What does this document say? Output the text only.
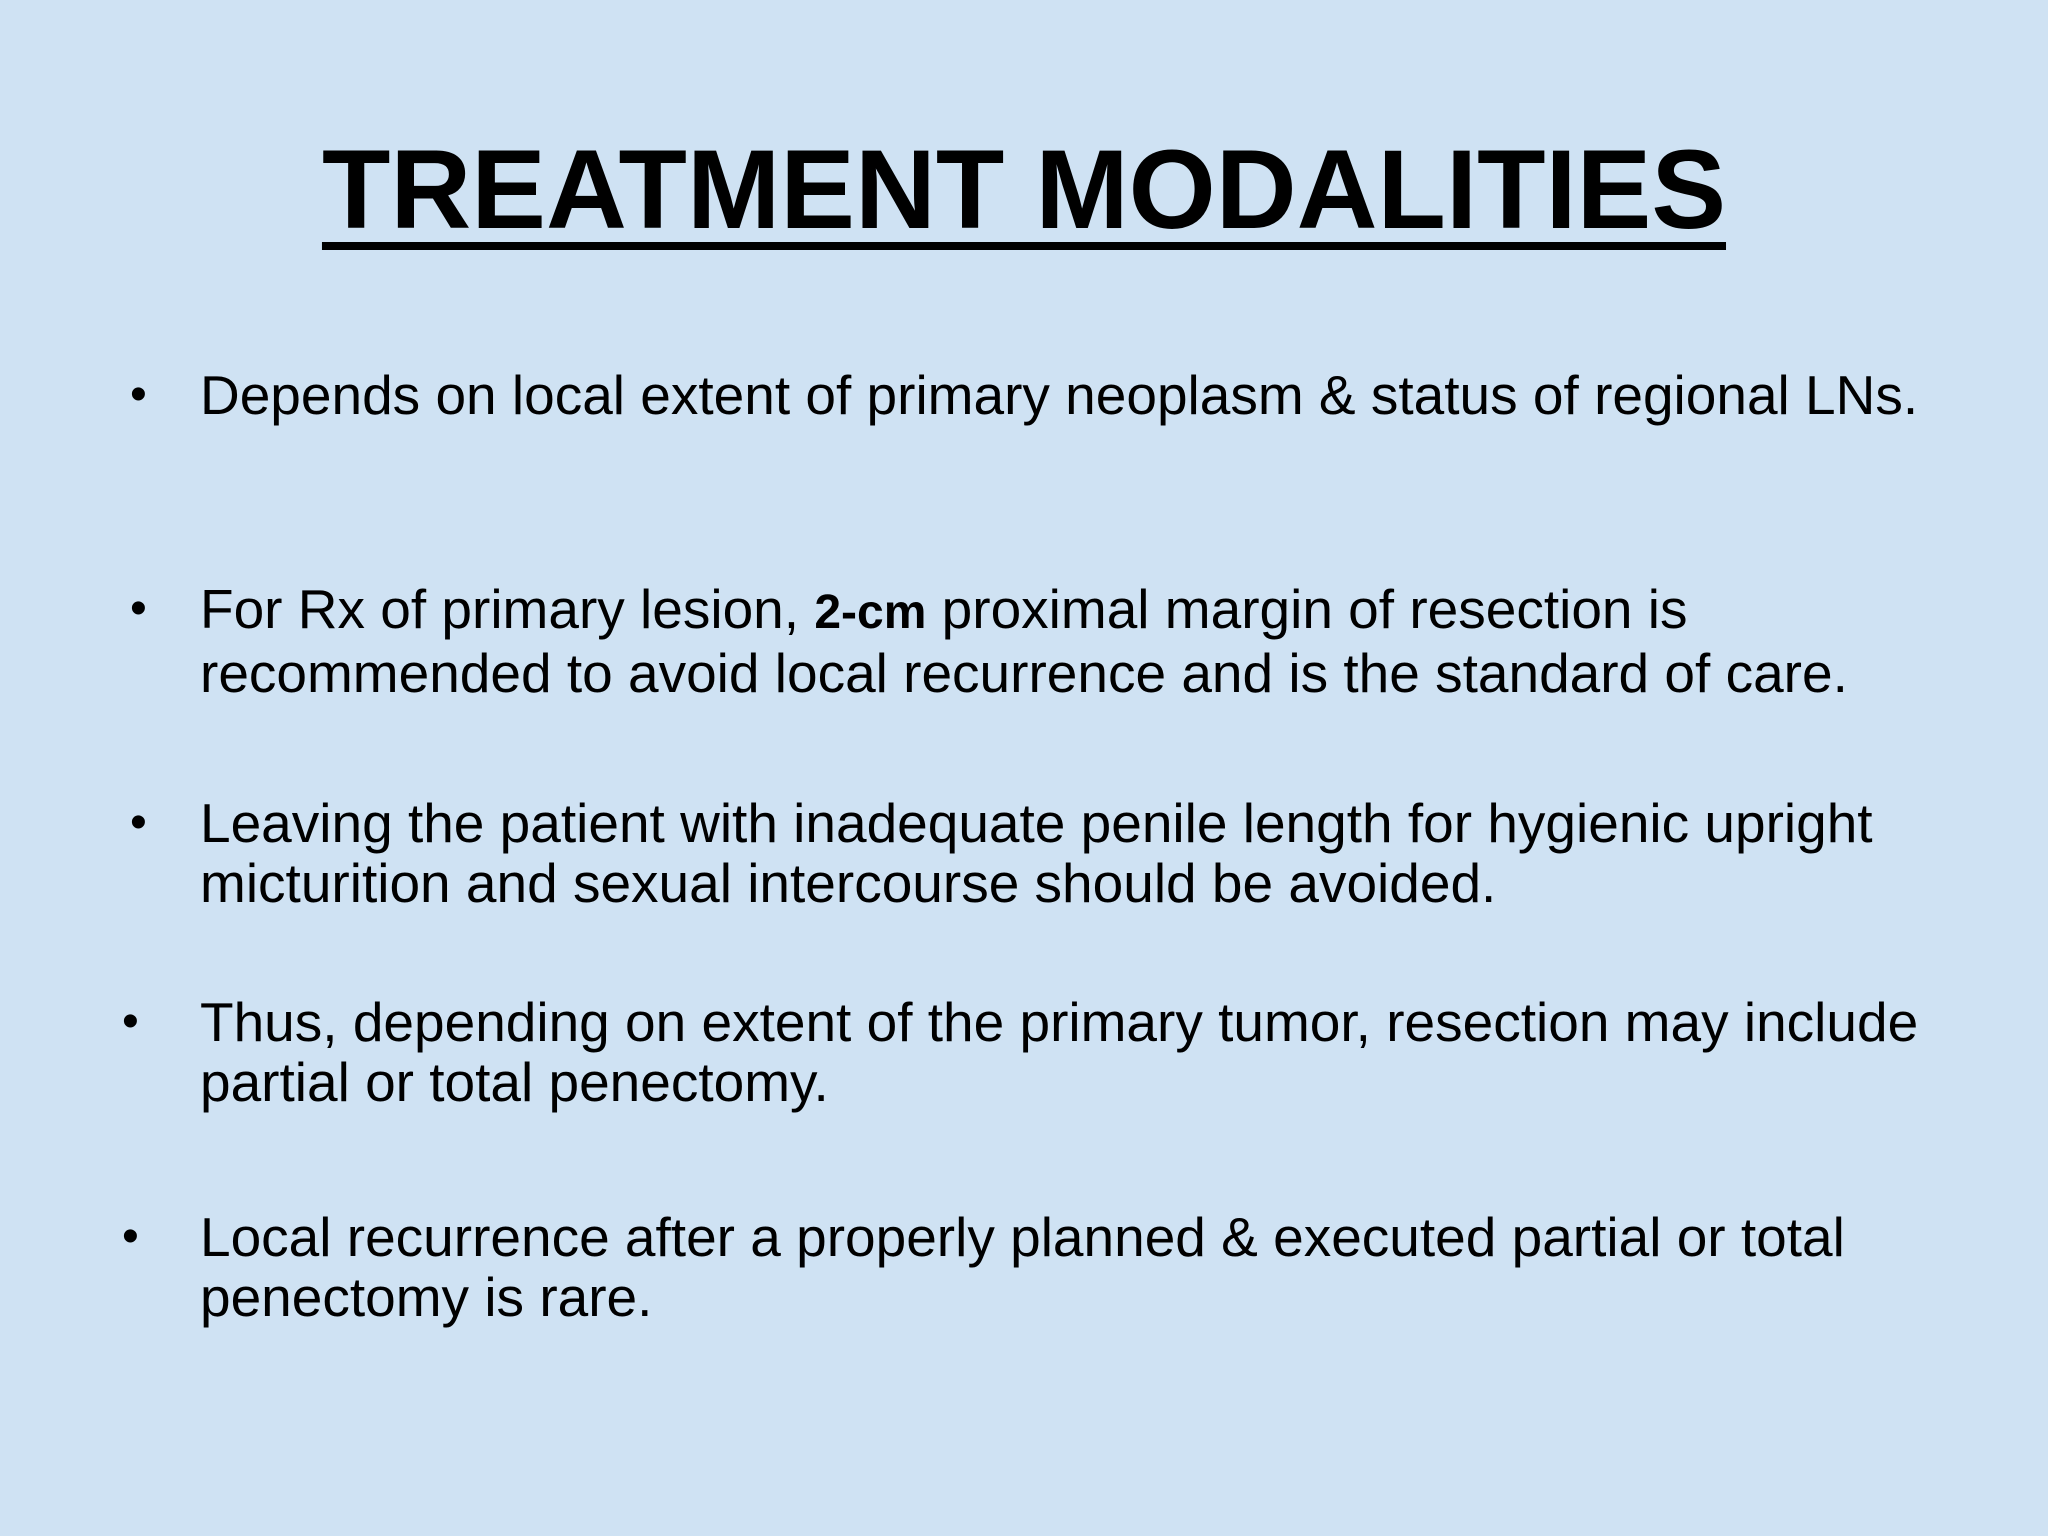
TREATMENT MODALITIES
• Depends on local extent of primary neoplasm & status of regional LNs.
• For Rx of primary lesion, 2-cm proximal margin of resection is recommended to avoid local recurrence and is the standard of care.
• Leaving the patient with inadequate penile length for hygienic upright micturition and sexual intercourse should be avoided.
• Thus, depending on extent of the primary tumor, resection may include partial or total penectomy.
• Local recurrence after a properly planned & executed partial or total penectomy is rare.
